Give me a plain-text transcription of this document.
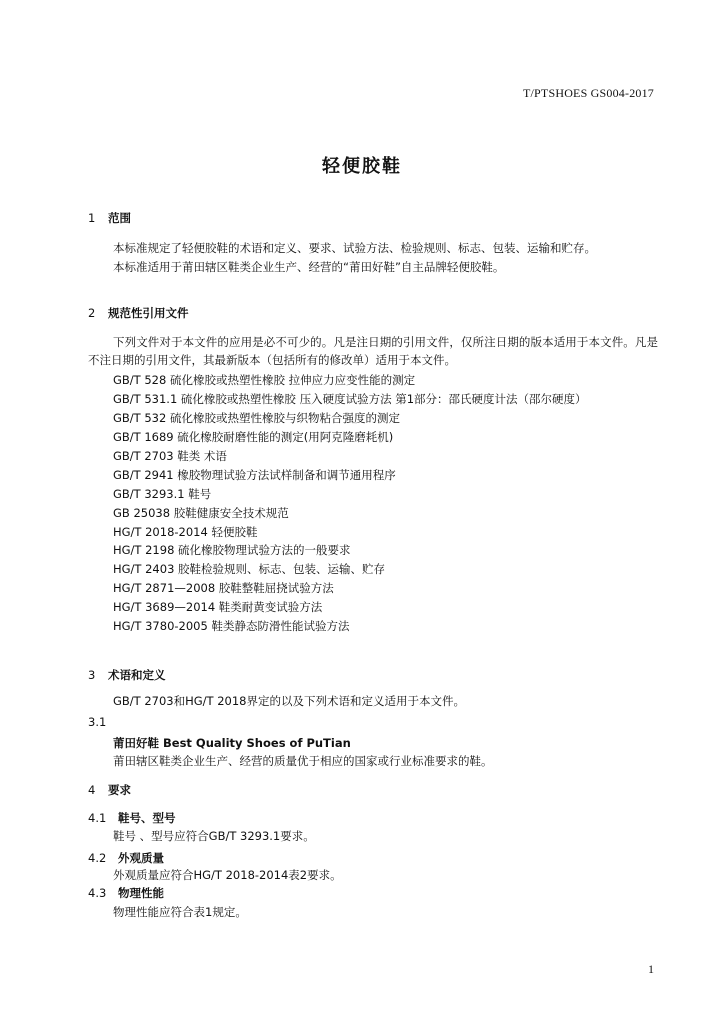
T/PTSHOES GS004-2017
轻便胶鞋
1 范围
本标准规定了轻便胶鞋的术语和定义、要求、试验方法、检验规则、标志、包装、运输和贮存。
本标准适用于莆田辖区鞋类企业生产、经营的“莆田好鞋”自主品牌轻便胶鞋。
2 规范性引用文件
下列文件对于本文件的应用是必不可少的。凡是注日期的引用文件，仅所注日期的版本适用于本文件。凡是不注日期的引用文件，其最新版本（包括所有的修改单）适用于本文件。
GB/T 528 硫化橡胶或热塑性橡胶 拉伸应力应变性能的测定
GB/T 531.1 硫化橡胶或热塑性橡胶 压入硬度试验方法 第1部分：邵氏硬度计法（邵尔硬度）
GB/T 532 硫化橡胶或热塑性橡胶与织物粘合强度的测定
GB/T 1689 硫化橡胶耐磨性能的测定(用阿克隆磨耗机)
GB/T 2703 鞋类 术语
GB/T 2941 橡胶物理试验方法试样制备和调节通用程序
GB/T 3293.1 鞋号
GB 25038 胶鞋健康安全技术规范
HG/T 2018-2014 轻便胶鞋
HG/T 2198 硫化橡胶物理试验方法的一般要求
HG/T 2403 胶鞋检验规则、标志、包装、运输、贮存
HG/T 2871—2008 胶鞋整鞋屈挠试验方法
HG/T 3689—2014 鞋类耐黄变试验方法
HG/T 3780-2005 鞋类静态防滑性能试验方法
3 术语和定义
GB/T 2703和HG/T 2018界定的以及下列术语和定义适用于本文件。
3.1
莆田好鞋 Best Quality Shoes of PuTian
莆田辖区鞋类企业生产、经营的质量优于相应的国家或行业标准要求的鞋。
4 要求
4.1 鞋号、型号
鞋号 、型号应符合GB/T 3293.1要求。
4.2 外观质量
外观质量应符合HG/T 2018-2014表2要求。
4.3 物理性能
物理性能应符合表1规定。
1
